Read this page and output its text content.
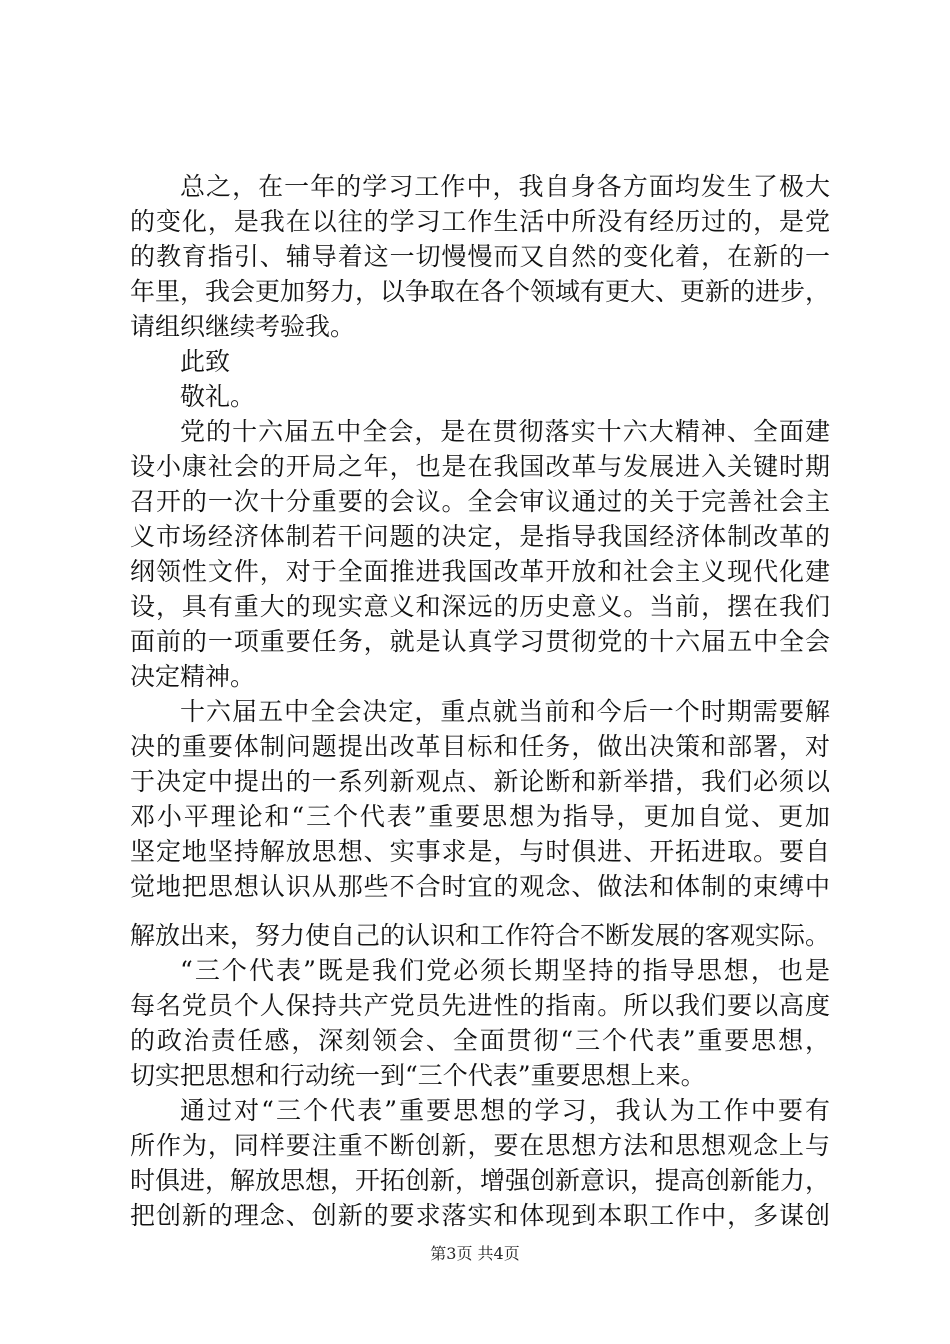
总之，在一年的学习工作中，我自身各方面均发生了极大
的变化，是我在以往的学习工作生活中所没有经历过的，是党
的教育指引、辅导着这一切慢慢而又自然的变化着，在新的一
年里，我会更加努力，以争取在各个领域有更大、更新的进步，
请组织继续考验我。
此致
敬礼。
党的十六届五中全会，是在贯彻落实十六大精神、全面建
设小康社会的开局之年，也是在我国改革与发展进入关键时期
召开的一次十分重要的会议。全会审议通过的关于完善社会主
义市场经济体制若干问题的决定，是指导我国经济体制改革的
纲领性文件，对于全面推进我国改革开放和社会主义现代化建
设，具有重大的现实意义和深远的历史意义。当前，摆在我们
面前的一项重要任务，就是认真学习贯彻党的十六届五中全会
决定精神。
十六届五中全会决定，重点就当前和今后一个时期需要解
决的重要体制问题提出改革目标和任务，做出决策和部署，对
于决定中提出的一系列新观点、新论断和新举措，我们必须以
邓小平理论和“三个代表”重要思想为指导，更加自觉、更加
坚定地坚持解放思想、实事求是，与时俱进、开拓进取。要自
觉地把思想认识从那些不合时宜的观念、做法和体制的束缚中
解放出来，努力使自己的认识和工作符合不断发展的客观实际。
“三个代表”既是我们党必须长期坚持的指导思想，也是
每名党员个人保持共产党员先进性的指南。所以我们要以高度
的政治责任感，深刻领会、全面贯彻“三个代表”重要思想，
切实把思想和行动统一到“三个代表”重要思想上来。
通过对“三个代表”重要思想的学习，我认为工作中要有
所作为，同样要注重不断创新，要在思想方法和思想观念上与
时俱进，解放思想，开拓创新，增强创新意识，提高创新能力，
把创新的理念、创新的要求落实和体现到本职工作中，多谋创
第3页 共4页
